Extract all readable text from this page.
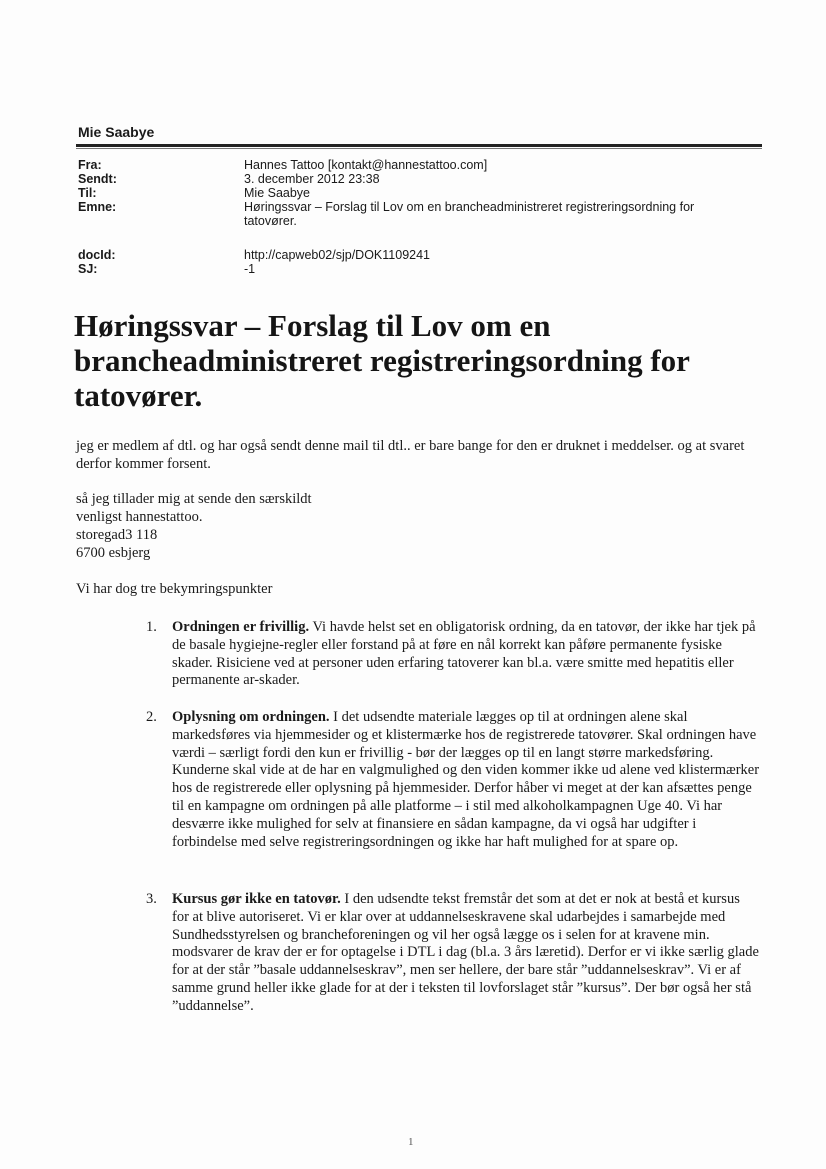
Mie Saabye
Fra:	Hannes Tattoo [kontakt@hannestattoo.com]
Sendt:	3. december 2012 23:38
Til:	Mie Saabye
Emne:	Høringssvar – Forslag til Lov om en brancheadministreret registreringsordning for tatovører.
docId:	http://capweb02/sjp/DOK1109241
SJ:	-1
Høringssvar – Forslag til Lov om en brancheadministreret registreringsordning for tatovører.
jeg er medlem af dtl. og har også sendt denne mail til dtl.. er bare bange for den er druknet i meddelser. og at svaret derfor kommer forsent.
så jeg tillader mig at sende den særskildt
venligst hannestattoo.
storegad3 118
6700 esbjerg
Vi har dog tre bekymringspunkter
1. Ordningen er frivillig. Vi havde helst set en obligatorisk ordning, da en tatovør, der ikke har tjek på de basale hygiejne-regler eller forstand på at føre en nål korrekt kan påføre permanente fysiske skader. Risiciene ved at personer uden erfaring tatoverer kan bl.a. være smitte med hepatitis eller permanente ar-skader.
2. Oplysning om ordningen. I det udsendte materiale lægges op til at ordningen alene skal markedsføres via hjemmesider og et klistermærke hos de registrerede tatovører. Skal ordningen have værdi – særligt fordi den kun er frivillig - bør der lægges op til en langt større markedsføring. Kunderne skal vide at de har en valgmulighed og den viden kommer ikke ud alene ved klistermærker hos de registrerede eller oplysning på hjemmesider. Derfor håber vi meget at der kan afsættes penge til en kampagne om ordningen på alle platforme – i stil med alkoholkampagnen Uge 40. Vi har desværre ikke mulighed for selv at finansiere en sådan kampagne, da vi også har udgifter i forbindelse med selve registreringsordningen og ikke har haft mulighed for at spare op.
3. Kursus gør ikke en tatovør. I den udsendte tekst fremstår det som at det er nok at bestå et kursus for at blive autoriseret. Vi er klar over at uddannelseskravene skal udarbejdes i samarbejde med Sundhedsstyrelsen og brancheforeningen og vil her også lægge os i selen for at kravene min. modsvarer de krav der er for optagelse i DTL i dag (bl.a. 3 års læretid). Derfor er vi ikke særlig glade for at der står ”basale uddannelseskrav”, men ser hellere, der bare står ”uddannelseskrav”. Vi er af samme grund heller ikke glade for at der i teksten til lovforslaget står ”kursus”. Der bør også her stå ”uddannelse”.
1
